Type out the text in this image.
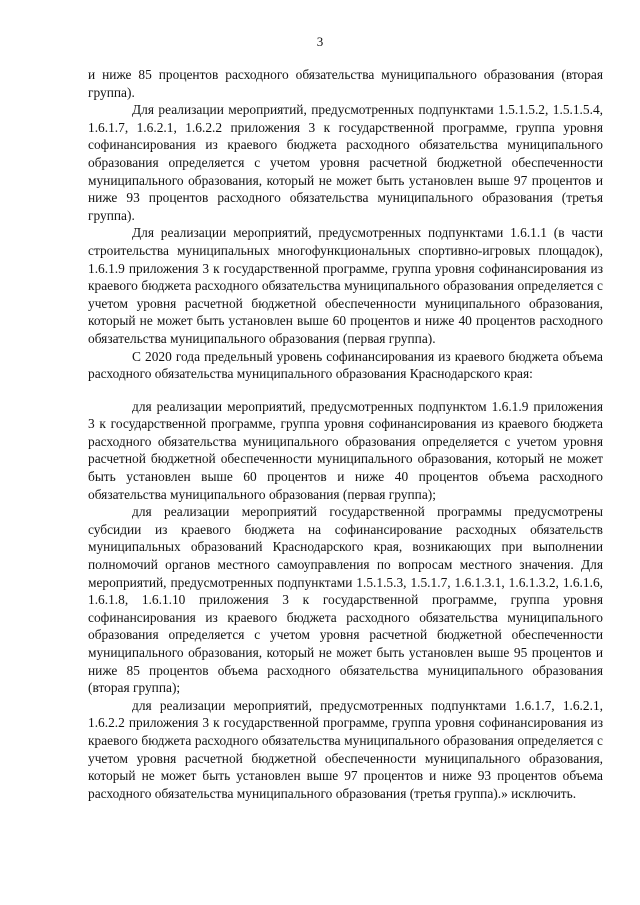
3

и ниже 85 процентов расходного обязательства муниципального образования (вторая группа).

Для реализации мероприятий, предусмотренных подпунктами 1.5.1.5.2, 1.5.1.5.4, 1.6.1.7, 1.6.2.1, 1.6.2.2 приложения 3 к государственной программе, группа уровня софинансирования из краевого бюджета расходного обязательства муниципального образования определяется с учетом уровня расчетной бюджетной обеспеченности муниципального образования, который не может быть установлен выше 97 процентов и ниже 93 процентов расходного обязательства муниципального образования (третья группа).

Для реализации мероприятий, предусмотренных подпунктами 1.6.1.1 (в части строительства муниципальных многофункциональных спортивно-игровых площадок), 1.6.1.9 приложения 3 к государственной программе, группа уровня софинансирования из краевого бюджета расходного обязательства муниципального образования определяется с учетом уровня расчетной бюджетной обеспеченности муниципального образования, который не может быть установлен выше 60 процентов и ниже 40 процентов расходного обязательства муниципального образования (первая группа).

С 2020 года предельный уровень софинансирования из краевого бюджета объема расходного обязательства муниципального образования Краснодарского края:

для реализации мероприятий, предусмотренных подпунктом 1.6.1.9 приложения 3 к государственной программе, группа уровня софинансирования из краевого бюджета расходного обязательства муниципального образования определяется с учетом уровня расчетной бюджетной обеспеченности муниципального образования, который не может быть установлен выше 60 процентов и ниже 40 процентов объема расходного обязательства муниципального образования (первая группа);

для реализации мероприятий государственной программы предусмотрены субсидии из краевого бюджета на софинансирование расходных обязательств муниципальных образований Краснодарского края, возникающих при выполнении полномочий органов местного самоуправления по вопросам местного значения. Для мероприятий, предусмотренных подпунктами 1.5.1.5.3, 1.5.1.7, 1.6.1.3.1, 1.6.1.3.2, 1.6.1.6, 1.6.1.8, 1.6.1.10 приложения 3 к государственной программе, группа уровня софинансирования из краевого бюджета расходного обязательства муниципального образования определяется с учетом уровня расчетной бюджетной обеспеченности муниципального образования, который не может быть установлен выше 95 процентов и ниже 85 процентов объема расходного обязательства муниципального образования (вторая группа);

для реализации мероприятий, предусмотренных подпунктами 1.6.1.7, 1.6.2.1, 1.6.2.2 приложения 3 к государственной программе, группа уровня софинансирования из краевого бюджета расходного обязательства муниципального образования определяется с учетом уровня расчетной бюджетной обеспеченности муниципального образования, который не может быть установлен выше 97 процентов и ниже 93 процентов объема расходного обязательства муниципального образования (третья группа).» исключить.
